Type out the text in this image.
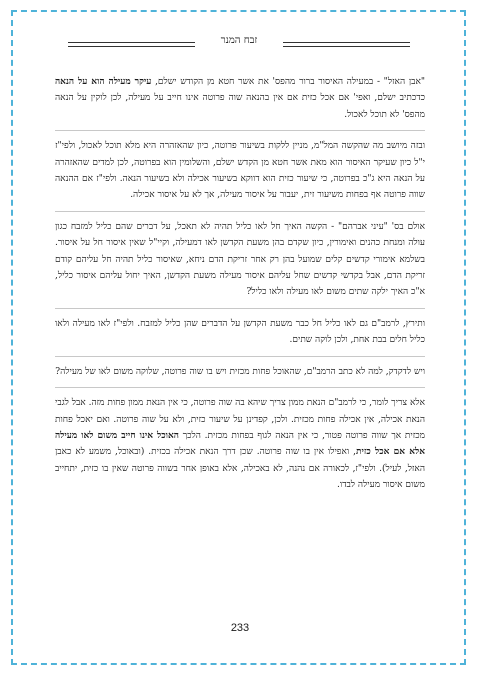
זבח המנר

"אבן האזל" - במעילה האיסור ברור מהפס' את אשר חטא מן הקודש ישלם, עיקר מעילה הוא על הנאה כדכתיב ישלם, ואפי' אם אכל כזית אם אין בהנאה שוה פרוטה אינו חייב על מעילה, לכן לוקין על הנאה מהפס' לא תוכל לאכול.

ובזה מיושב מה שהקשה המל"מ, מניין ללקות בשיעור פרוטה, כיון שהאזהרה היא מלא תוכל לאכול, ולפי"ז י"ל כיון שעיקר האיסור הוא מאת אשר חטא מן הקדש ישלם, והשלומין הוא בפרוטה, לכן למדים שהאזהרה על הנאה היא ג"כ בפרוטה, כי שיעור כזית הוא דווקא בשיעור אכילה ולא בשיעור הנאה. ולפי"ז אם ההנאה שווה פרוטה אף בפחות משיעור זית, יעבור על איסור מעילה, אך לא על איסור אכילה.

אולם בס' "עיני אברהם" - הקשה האיך חל לאו כליל תהיה לא תאכל, על דברים שהם כליל למזבח כגון עולה ומנחת כהנים ואימורין, כיון שקדם בהן משעת הקדשן לאו דמעילה, וקיי"ל שאין איסור חל על איסור. בשלמא אימורי קדשים קלים שמועל בהן רק אחר זריקת הדם ניחא, שאיסור כליל תהיה חל עליהם קודם זריקת הדם, אבל בקדשי קדשים שחל עליהם איסור מעילה משעת הקדשן, האיך יחול עליהם איסור כליל, א"כ האיך ילקה שתים משום לאו מעילה ולאו כליל?

ותירץ, לרמב"ם גם לאו כליל חל כבר משעת הקדשן על הדברים שהן כליל למזבח. ולפי"ז לאו מעילה ולאו כליל חלים בבת אחת, ולכן לוקה שתים.

ויש לדקדק, למה לא כתב הרמב"ם, שהאוכל פחות מכזית ויש בו שוה פרוטה, שלוקה משום לאו של מעילה?

אלא צריך לומר, כי לרמב"ם הנאת ממון צריך שיהא בה שוה פרוטה, כי אין הנאת ממון פחות מזה. אבל לגבי הנאת אכילה, אין אכילה פחות מכזית. ולכן, קפדינן על שיעור כזית, ולא על שוה פרוטה. ואם יאכל פחות מכזית אך שווה פרוטה פטור, כי אין הנאה לגוף בפחות מכזית. הלכך האוכל אינו חייב משום לאו מעילה אלא אם אכל כזית, ואפילו אין בו שוה פרוטה. שכן דרך הנאת אכילה בכזית. (ובאוכל, משמע לא כאבן האזל, לעיל). ולפי"ז, לכאורה אם נהנה, לא באכילה, אלא באופן אחר בשווה פרוטה שאין בו כזית, יתחייב משום איסור מעילה לבדו.

233
